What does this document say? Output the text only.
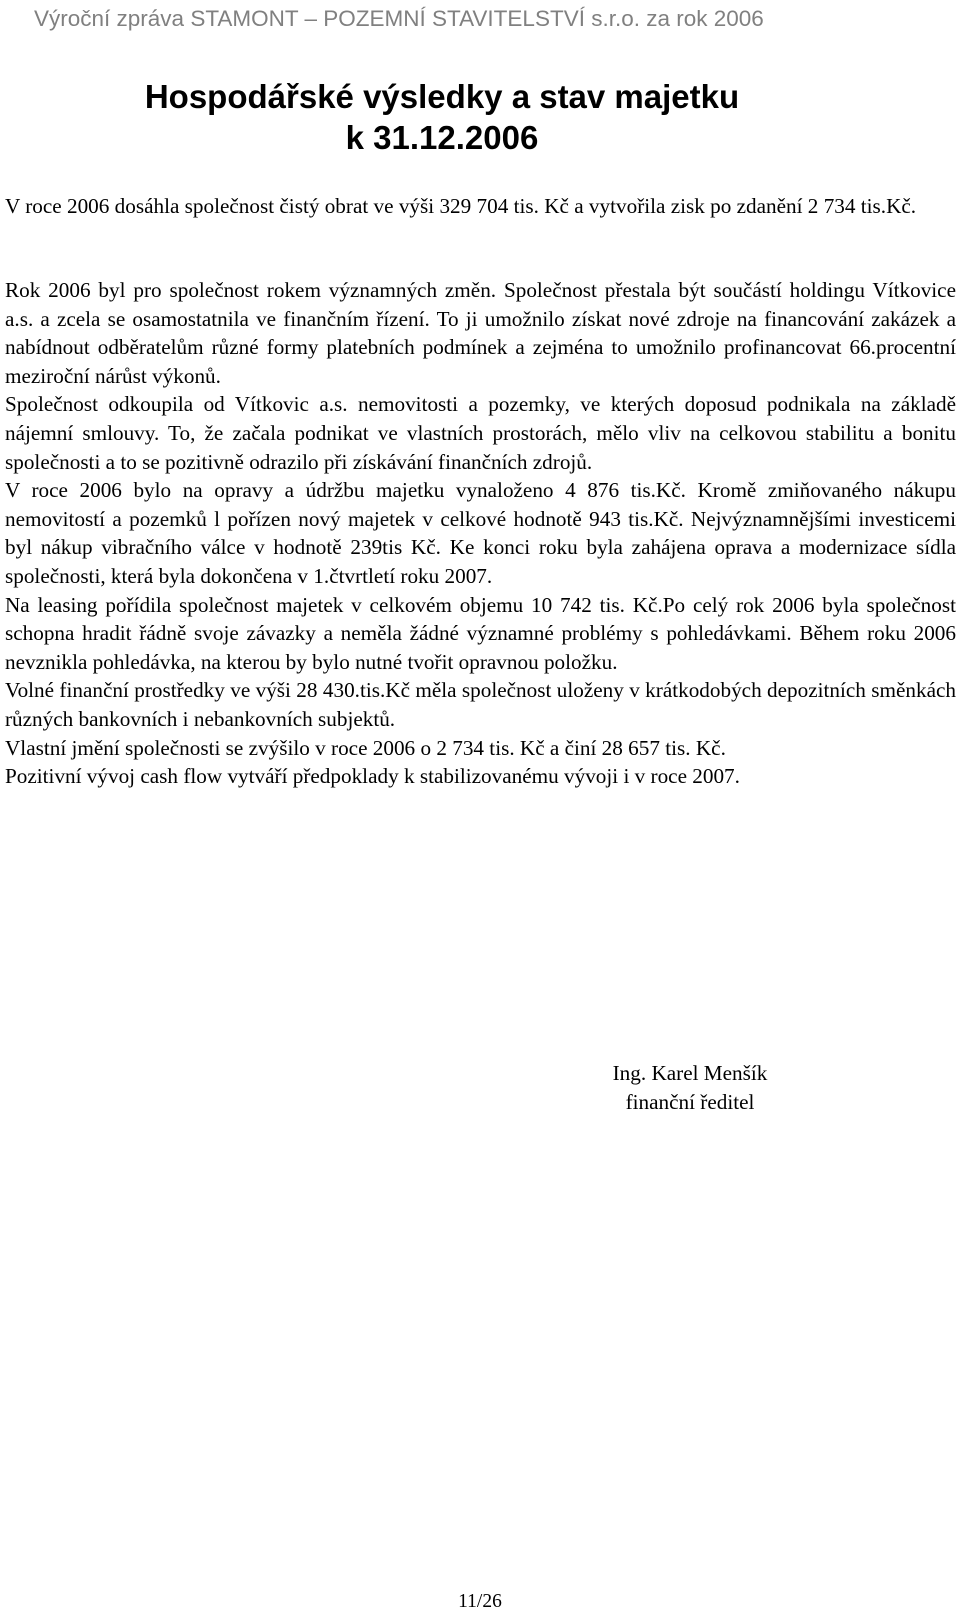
Výroční zpráva STAMONT – POZEMNÍ STAVITELSTVÍ s.r.o. za rok 2006
Hospodářské výsledky a stav majetku
k 31.12.2006

V roce 2006 dosáhla společnost čistý obrat ve výši 329 704 tis. Kč a vytvořila zisk po zdanění 2 734 tis.Kč.

Rok 2006 byl pro společnost rokem významných změn. Společnost přestala být součástí holdingu Vítkovice a.s. a zcela se osamostatnila ve finančním řízení. To ji umožnilo získat nové zdroje na financování zakázek a nabídnout odběratelům různé formy platebních podmínek a zejména to umožnilo profinancovat 66.procentní meziroční nárůst výkonů.

Společnost odkoupila od Vítkovic a.s. nemovitosti a pozemky, ve kterých doposud podnikala na základě nájemní smlouvy. To, že začala podnikat ve vlastních prostorách, mělo vliv na celkovou stabilitu a bonitu společnosti a to se pozitivně odrazilo při získávání finančních zdrojů.

V roce 2006 bylo na opravy a údržbu majetku vynaloženo 4 876 tis.Kč. Kromě zmiňovaného nákupu nemovitostí a pozemků l pořízen nový majetek v celkové hodnotě 943 tis.Kč. Nejvýznamnějšími investicemi byl nákup vibračního válce v hodnotě 239tis Kč. Ke konci roku byla zahájena oprava a modernizace sídla společnosti, která byla dokončena v 1.čtvrtletí roku 2007.

Na leasing pořídila společnost majetek v celkovém objemu 10 742 tis. Kč.Po celý rok 2006 byla společnost schopna hradit řádně svoje závazky a neměla žádné významné problémy s pohledávkami. Během roku 2006 nevznikla pohledávka, na kterou by bylo nutné tvořit opravnou položku.

Volné finanční prostředky ve výši 28 430.tis.Kč měla společnost uloženy v krátkodobých depozitních směnkách různých bankovních i nebankovních subjektů.

Vlastní jmění společnosti se zvýšilo v roce 2006 o 2 734 tis. Kč a činí 28 657 tis. Kč.

Pozitivní vývoj cash flow vytváří předpoklady k stabilizovanému vývoji i v roce 2007.

Ing. Karel Menšík
finanční ředitel
11/26
